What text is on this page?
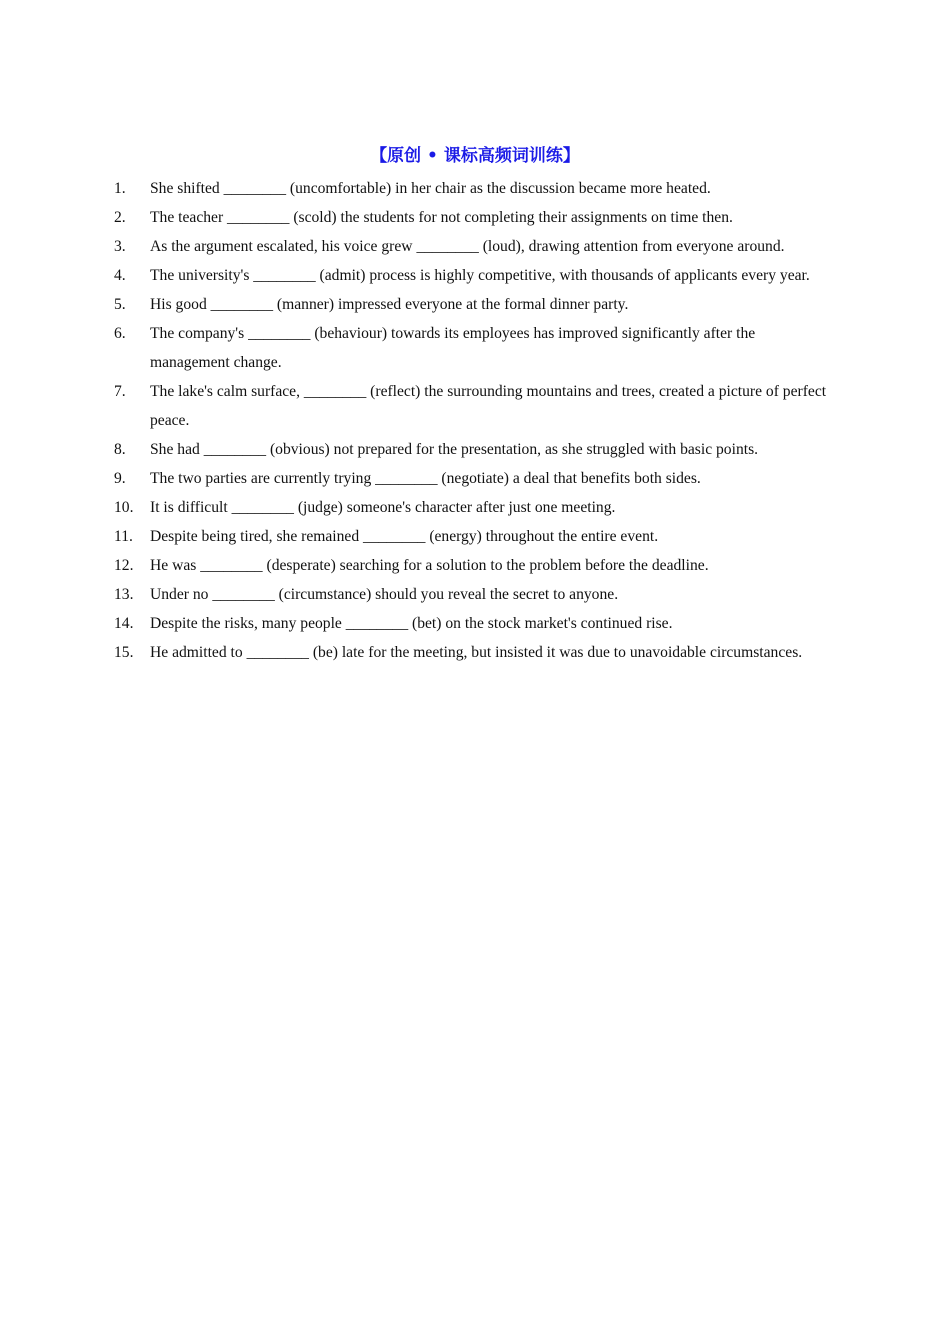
【原创 • 课标高频词训练】
1.	She shifted ________ (uncomfortable) in her chair as the discussion became more heated.
2.	The teacher ________ (scold) the students for not completing their assignments on time then.
3.	As the argument escalated, his voice grew ________ (loud), drawing attention from everyone around.
4.	The university's ________ (admit) process is highly competitive, with thousands of applicants every year.
5.	His good ________ (manner) impressed everyone at the formal dinner party.
6.	The company's ________ (behaviour) towards its employees has improved significantly after the management change.
7.	The lake's calm surface, ________ (reflect) the surrounding mountains and trees, created a picture of perfect peace.
8.	She had ________ (obvious) not prepared for the presentation, as she struggled with basic points.
9.	The two parties are currently trying ________ (negotiate) a deal that benefits both sides.
10.	It is difficult ________ (judge) someone's character after just one meeting.
11.	Despite being tired, she remained ________ (energy) throughout the entire event.
12.	He was ________ (desperate) searching for a solution to the problem before the deadline.
13.	Under no ________ (circumstance) should you reveal the secret to anyone.
14.	Despite the risks, many people ________ (bet) on the stock market's continued rise.
15.	He admitted to ________ (be) late for the meeting, but insisted it was due to unavoidable circumstances.
